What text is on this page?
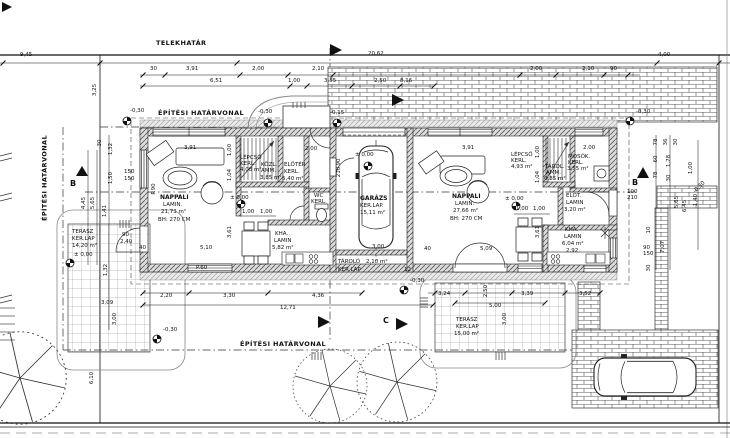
TELEKHATÁR
9,45	20,62	4,00
30	3,91	2,00	2,10	2,00	2,10	90
6,51	1,00	3,55	2,50	8,16
3,25
ÉPÍTÉSI HATÁRVONAL
ÉPÍTÉSI HATÁRVONAL
ÉPÍTÉSI HATÁRVONAL
-0,30	-0,30	-0,15	-0,30
± 0,00
± 0,00
± 0,00
± 0,00
-0,30
-0,30
-0,30
B	B
C
30 1,32
1,50 150
150
4,45 5,65
1,41
P.90
90
2,40
1,32
6,10
3,09
3,00
TERASZ
KER.LAP
14,20 m²
2,20	3,30	4,36
12,71
P.60
3,91	1,00
1,04
3,61
NAPPALI
LAMIN.
21,73 m²
BH: 270 CM
LÉPCSŐ
KERL.
4,08 m²
KÖZL.
AMM.
3,85 m²
ELŐTÉR
KERL.
5,40 m²
2,00
WC
KERL.
KHA.
LAMIN
5,82 m²
1,00 1,00
5,10
40
90
210
GARÁZS
KER.LAP.
15,11 m²
3,00
TÁROLÓ 2,10 m²
KER.LAP	12
3,91	1,00
1,04
3,61
NAPPALI
LAMIN.
27,66 m²
BH: 270 CM
LÉPCSŐ
KERL.
4,93 m² TÁROL.
AMM.
0,85 m²
MOSÓK.
KERL.
3,55 m²
ELŐT.
LAMIN
3,20 m²
KHA.
LAMIN
6,04 m²
2,92
2,00
40	5,09
1,00 1,00
78 36 30
60 1,78
78 30
1,00
1,40
5,65 6,45
7,07
10
30
100
210
90
150
3,24	2,50
5,00
3,39
3,00
3,52
TERASZ
KER.LAP
15,00 m²
